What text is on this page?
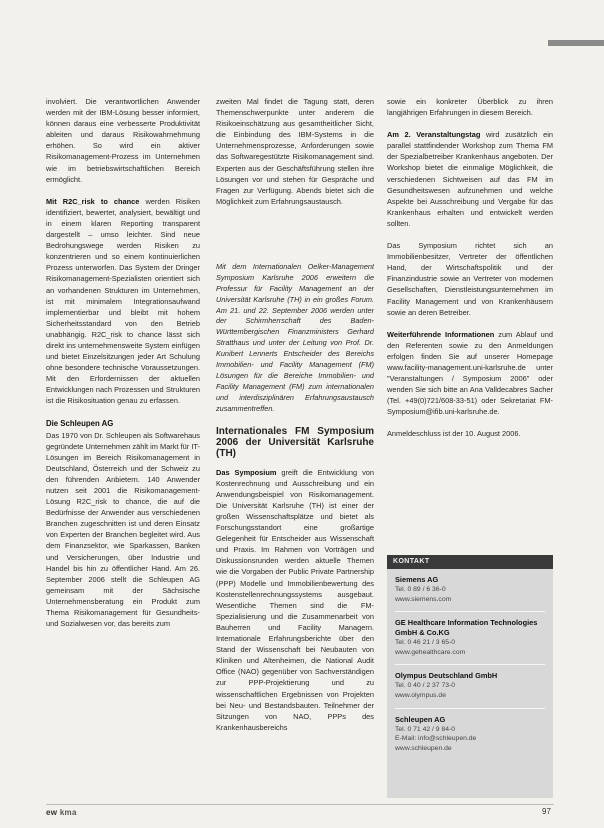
involviert. Die verantwortlichen Anwender werden mit der IBM-Lösung besser informiert, können daraus eine verbesserte Produktivität ableiten und daraus Risikowahrnehmung erhöhen. So wird ein aktiver Risikomanagement-Prozess im Unternehmen wie im betriebswirtschaftlichen Bereich ermöglicht.

Mit R2C_risk to chance werden Risiken identifiziert, bewertet, analysiert, bewältigt und in einem klaren Reporting transparent dargestellt – umso leichter. Sind neue Bedrohungswege werden Risiken zu konzentrieren und so einem kontinuierlichen Prozess unterworfen. Das System der Dringer Risikomanagement-Spezialisten orientiert sich an vorhandenen Strukturen im Unternehmen, ist mit minimalem Integrationsaufwand implementierbar und bleibt mit hohem Sicherheitsstandard von den Betrieb unabhängig. R2C_risk to chance lässt sich direkt ins unternehmensweite System einfügen und bietet Einzelsitzungen jeder Art Schulung ohne besondere technische Voraussetzungen. Mit den Erfordernissen der aktuellen Entwicklungen nach Prozessen und Strukturen ist die Risikosituation genau zu erfassen.

Die Schleupen AG

Das 1970 von Dr. Schleupen als Softwarehaus gegründete Unternehmen zählt im Markt für IT-Lösungen im Bereich Risikomanagement in Deutschland, Österreich und der Schweiz zu den führenden Anbietern. 140 Anwender nutzen seit 2001 die Risikomanagement-Lösung R2C_risk to chance, die auf die Bedürfnisse der Anwender aus verschiedenen Branchen zugeschnitten ist und deren Einsatz von Experten der Branchen begleitet wird. Aus dem Finanzsektor, wie Sparkassen, Banken und Versicherungen, über Industrie und Handel bis hin zu öffentlicher Hand. Am 26. September 2006 stellt die Schleupen AG gemeinsam mit der Sächsische Unternehmensberatung ein Produkt zum Thema Risikomanagement für Gesundheits- und Sozialwesen vor, das bereits zum

zweiten Mal findet die Tagung statt, deren Themenschwerpunkte unter anderem die Risikoeinschätzung aus gesamtheitlicher Sicht, die Einbindung des IBM-Systems in die Unternehmensprozesse, Anforderungen sowie das Softwaregestützte Risikomanagement sind. Experten aus der Geschäftsführung stellen ihre Lösungen vor und stehen für Gespräche und Fragen zur Verfügung. Abends bietet sich die Möglichkeit zum Erfahrungsaustausch.

Mit dem Internationalen Oelker-Management Symposium Karlsruhe 2006 erweitern die Professur für Facility Management an der Universität Karlsruhe (TH) in ein großes Forum. Am 21. und 22. September 2006 werden unter der Schirmherrschaft des Baden-Württembergischen Finanzministers Gerhard Stratthaus und unter der Leitung von Prof. Dr. Kunibert Lennerts Entscheider des Bereichs Immobilien- und Facility Management (FM) Lösungen für die Bereiche Immobilien- und Facility Management (FM) zum internationalen und interdisziplinären Erfahrungsaustausch zusammentreffen.

Internationales FM Symposium 2006 der Universität Karlsruhe (TH)

Das Symposium greift die Entwicklung von Kostenrechnung und Ausschreibung und ein Anwendungsbeispiel von Risikomanagement. Die Universität Karlsruhe (TH) ist einer der großen Wissenschaftsplätze und bietet als Forschungsstandort eine großartige Gelegenheit für Entscheider aus Wissenschaft und Praxis. Im Rahmen von Vorträgen und Diskussionsrunden werden aktuelle Themen wie die Vorgaben der Public Private Partnership (PPP) Modelle und Immobilienbewertung des Kostenstellenrechnungssystems ausgebaut. Wesentliche Themen sind die FM-Spezialisierung und die Zusammenarbeit von Bauherren und Facility Managern. Internationale Erfahrungsberichte über den Stand der Wissenschaft bei Neubauten von Kliniken und Altenheimen, die National Audit Office (NAO) gegenüber von Sachverständigen zur PPP-Projektierung und zu wissenschaftlichen Ergebnissen von Projekten bei Neu- und Bestandsbauten. Teilnehmer der Sitzungen von NAO, PPPs des Krankenhausbereichs

sowie ein konkreter Überblick zu ihren langjährigen Erfahrungen in diesem Bereich.

Am 2. Veranstaltungstag wird zusätzlich ein parallel stattfindender Workshop zum Thema FM der Spezialbetreiber Krankenhaus angeboten. Der Workshop bietet die einmalige Möglichkeit, die verschiedenen Sichtweisen auf das FM im Gesundheitswesen aufzunehmen und welche Aspekte bei Ausschreibung und Vergabe für das Krankenhaus erhalten und entwickelt werden sollten.

Das Symposium richtet sich an Immobilienbesitzer, Vertreter der öffentlichen Hand, der Wirtschaftspolitik und der Finanzindustrie sowie an Vertreter von modernen Gesellschaften, Dienstleistungsunternehmen im Facility Management und von Krankenhäusern sowie an deren Betreiber.

Weiterführende Informationen zum Ablauf und den Referenten sowie zu den Anmeldungen erfolgen finden Sie auf unserer Homepage www.facility-management.uni-karlsruhe.de unter "Veranstaltungen / Symposium 2006" oder wenden Sie sich bitte an Ana Valldecabres Sacher (Tel. +49(0)721/608-33-51) oder Sekretariat FM-Symposium@ifib.uni-karlsruhe.de.

Anmeldeschluss ist der 10. August 2006.

KONTAKT
Siemens AG
Tel. 0 89 / 6 36-0
www.siemens.com
GE Healthcare Information Technologies GmbH & Co.KG
Tel. 0 46 21 / 3 65-0
www.gehealthcare.com
Olympus Deutschland GmbH
Tel. 0 40 / 2 37 73-0
www.olympus.de
Schleupen AG
Tel. 0 71 42 / 9 84-0
E-Mail: info@schleupen.de
www.schleupen.de
ew kma	97
